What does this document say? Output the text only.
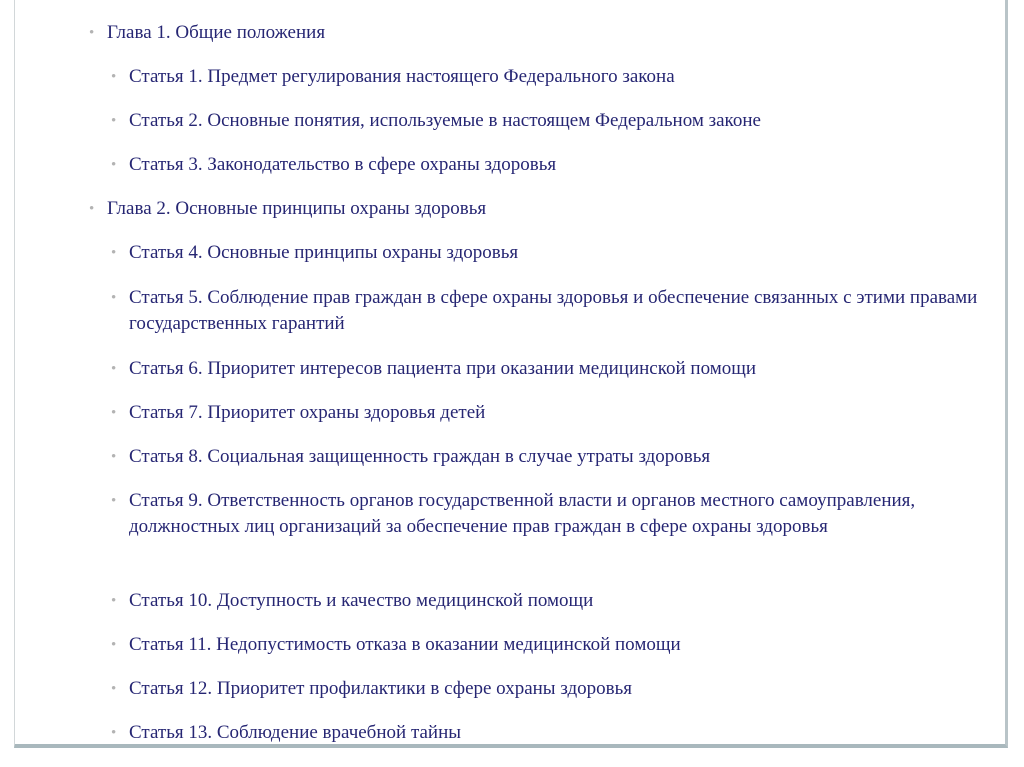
• Глава 1. Общие положения
• Статья 1. Предмет регулирования настоящего Федерального закона
• Статья 2. Основные понятия, используемые в настоящем Федеральном законе
• Статья 3. Законодательство в сфере охраны здоровья
• Глава 2. Основные принципы охраны здоровья
• Статья 4. Основные принципы охраны здоровья
• Статья 5. Соблюдение прав граждан в сфере охраны здоровья и обеспечение связанных с этими правами государственных гарантий
• Статья 6. Приоритет интересов пациента при оказании медицинской помощи
• Статья 7. Приоритет охраны здоровья детей
• Статья 8. Социальная защищенность граждан в случае утраты здоровья
• Статья 9. Ответственность органов государственной власти и органов местного самоуправления, должностных лиц организаций за обеспечение прав граждан в сфере охраны здоровья
• Статья 10. Доступность и качество медицинской помощи
• Статья 11. Недопустимость отказа в оказании медицинской помощи
• Статья 12. Приоритет профилактики в сфере охраны здоровья
• Статья 13. Соблюдение врачебной тайны
